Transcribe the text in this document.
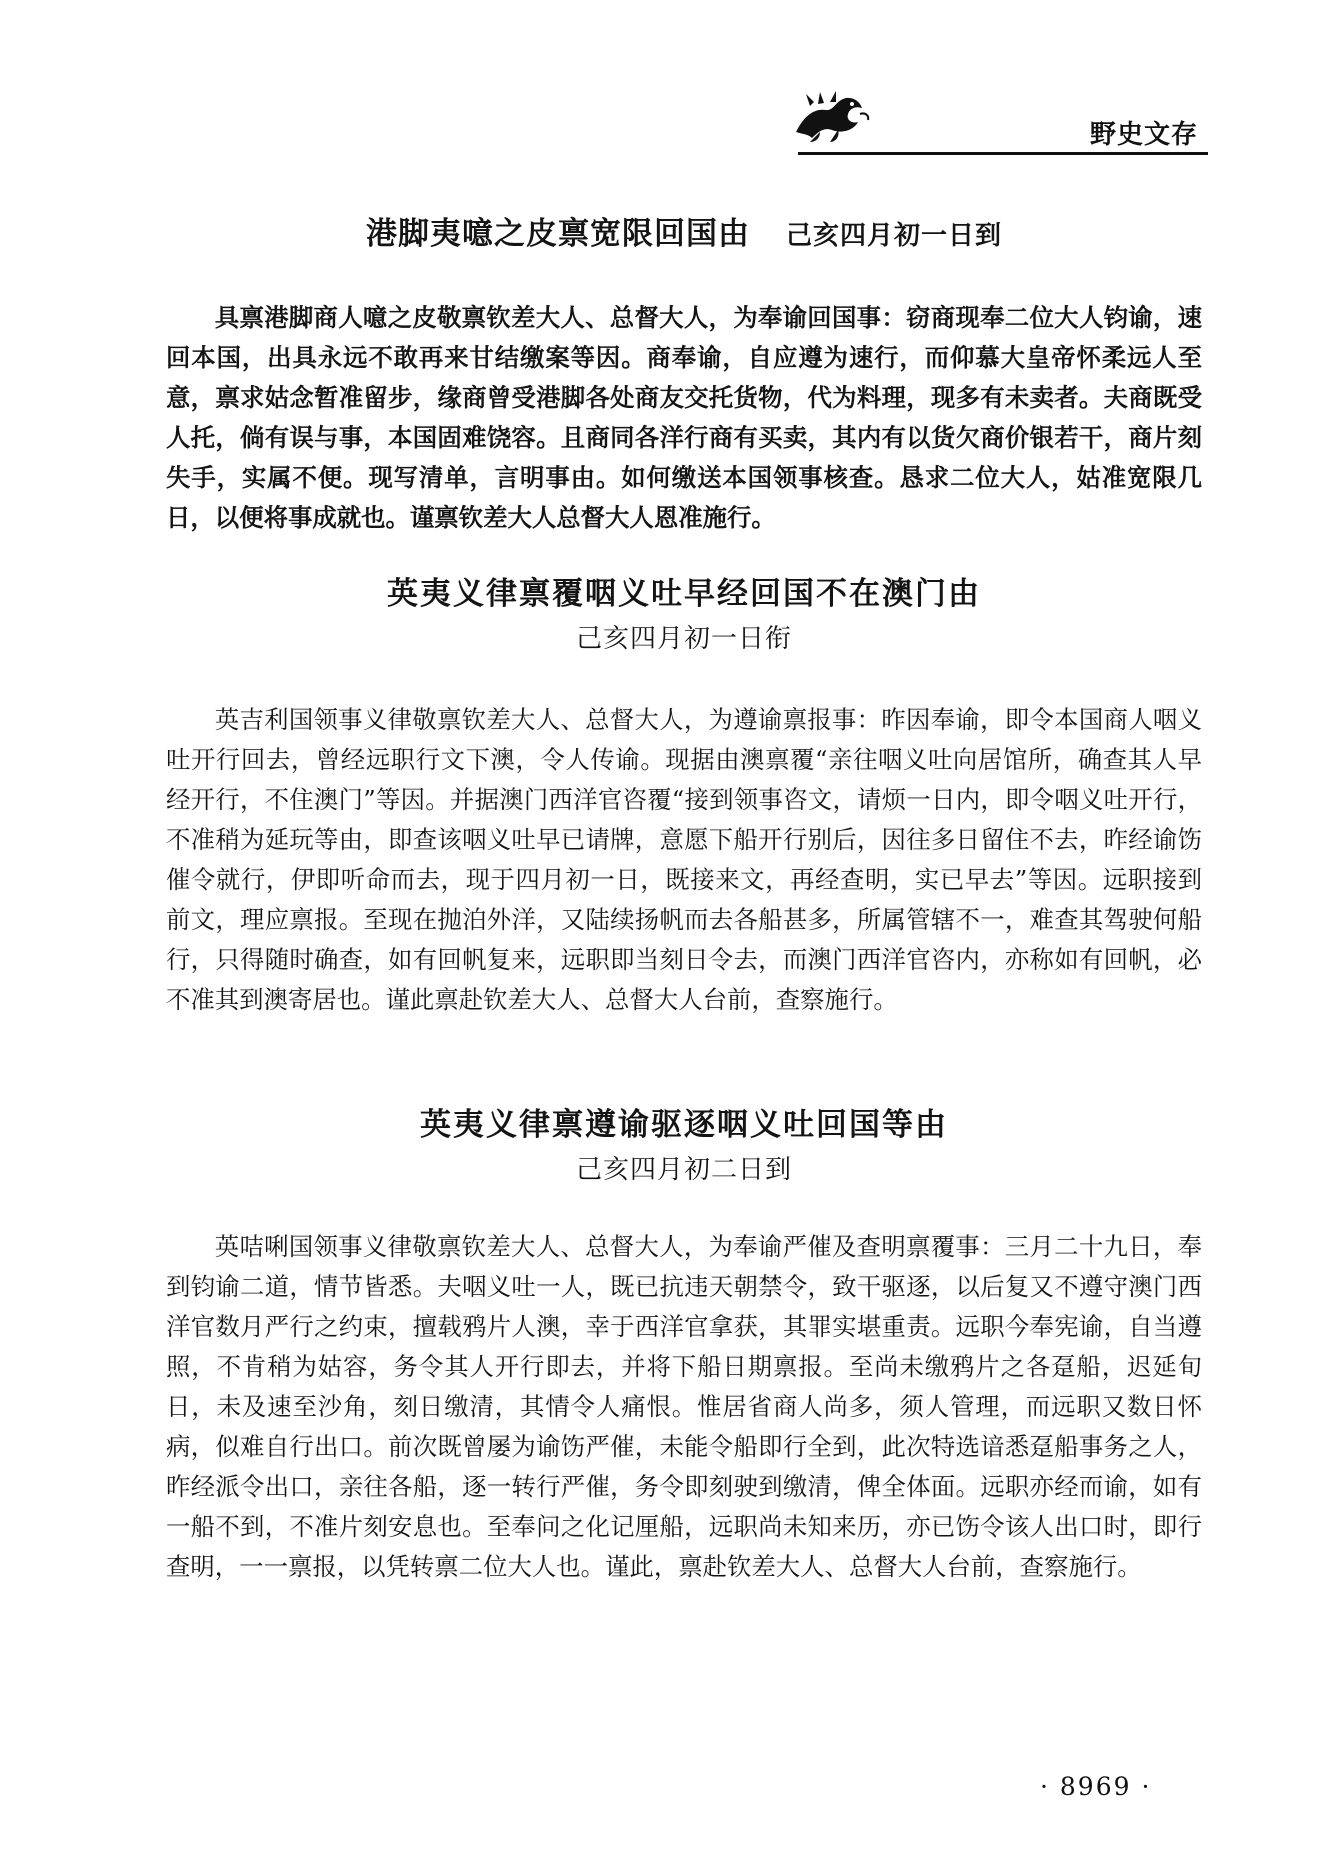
野史文存
港脚夷噫之皮禀宽限回国由 己亥四月初一日到

具禀港脚商人噫之皮敬禀钦差大人、总督大人，为奉谕回国事：窃商现奉二位大人钧谕，速回本国，出具永远不敢再来甘结缴案等因。商奉谕，自应遵为速行，而仰慕大皇帝怀柔远人至意，禀求姑念暂准留步，缘商曾受港脚各处商友交托货物，代为料理，现多有未卖者。夫商既受人托，倘有误与事，本国固难饶容。且商同各洋行商有买卖，其内有以货欠商价银若干，商片刻失手，实属不便。现写清单，言明事由。如何缴送本国领事核查。恳求二位大人，姑准宽限几日，以便将事成就也。谨禀钦差大人总督大人恩准施行。

英夷义律禀覆咽义吐早经回国不在澳门由
己亥四月初一日衔

英吉利国领事义律敬禀钦差大人、总督大人，为遵谕禀报事：昨因奉谕，即令本国商人咽义吐开行回去，曾经远职行文下澳，令人传谕。现据由澳禀覆“亲往咽义吐向居馆所，确查其人早经开行，不住澳门”等因。并据澳门西洋官咨覆“接到领事咨文，请烦一日内，即令咽义吐开行，不准稍为延玩等由，即查该咽义吐早已请牌，意愿下船开行别后，因往多日留住不去，昨经谕饬催令就行，伊即听命而去，现于四月初一日，既接来文，再经查明，实已早去”等因。远职接到前文，理应禀报。至现在抛泊外洋，又陆续扬帆而去各船甚多，所属管辖不一，难查其驾驶何船行，只得随时确查，如有回帆复来，远职即当刻日令去，而澳门西洋官咨内，亦称如有回帆，必不准其到澳寄居也。谨此禀赴钦差大人、总督大人台前，查察施行。

英夷义律禀遵谕驱逐咽义吐回国等由
己亥四月初二日到

英咭唎国领事义律敬禀钦差大人、总督大人，为奉谕严催及查明禀覆事：三月二十九日，奉到钧谕二道，情节皆悉。夫咽义吐一人，既已抗违天朝禁令，致干驱逐，以后复又不遵守澳门西洋官数月严行之约束，擅载鸦片人澳，幸于西洋官拿获，其罪实堪重责。远职今奉宪谕，自当遵照，不肯稍为姑容，务令其人开行即去，并将下船日期禀报。至尚未缴鸦片之各趸船，迟延旬日，未及速至沙角，刻日缴清，其情令人痛恨。惟居省商人尚多，须人管理，而远职又数日怀病，似难自行出口。前次既曾屡为谕饬严催，未能令船即行全到，此次特选谙悉趸船事务之人，昨经派令出口，亲往各船，逐一转行严催，务令即刻驶到缴清，俾全体面。远职亦经而谕，如有一船不到，不准片刻安息也。至奉问之化记厘船，远职尚未知来历，亦已饬令该人出口时，即行查明，一一禀报，以凭转禀二位大人也。谨此，禀赴钦差大人、总督大人台前，查察施行。

· 8969 ·
